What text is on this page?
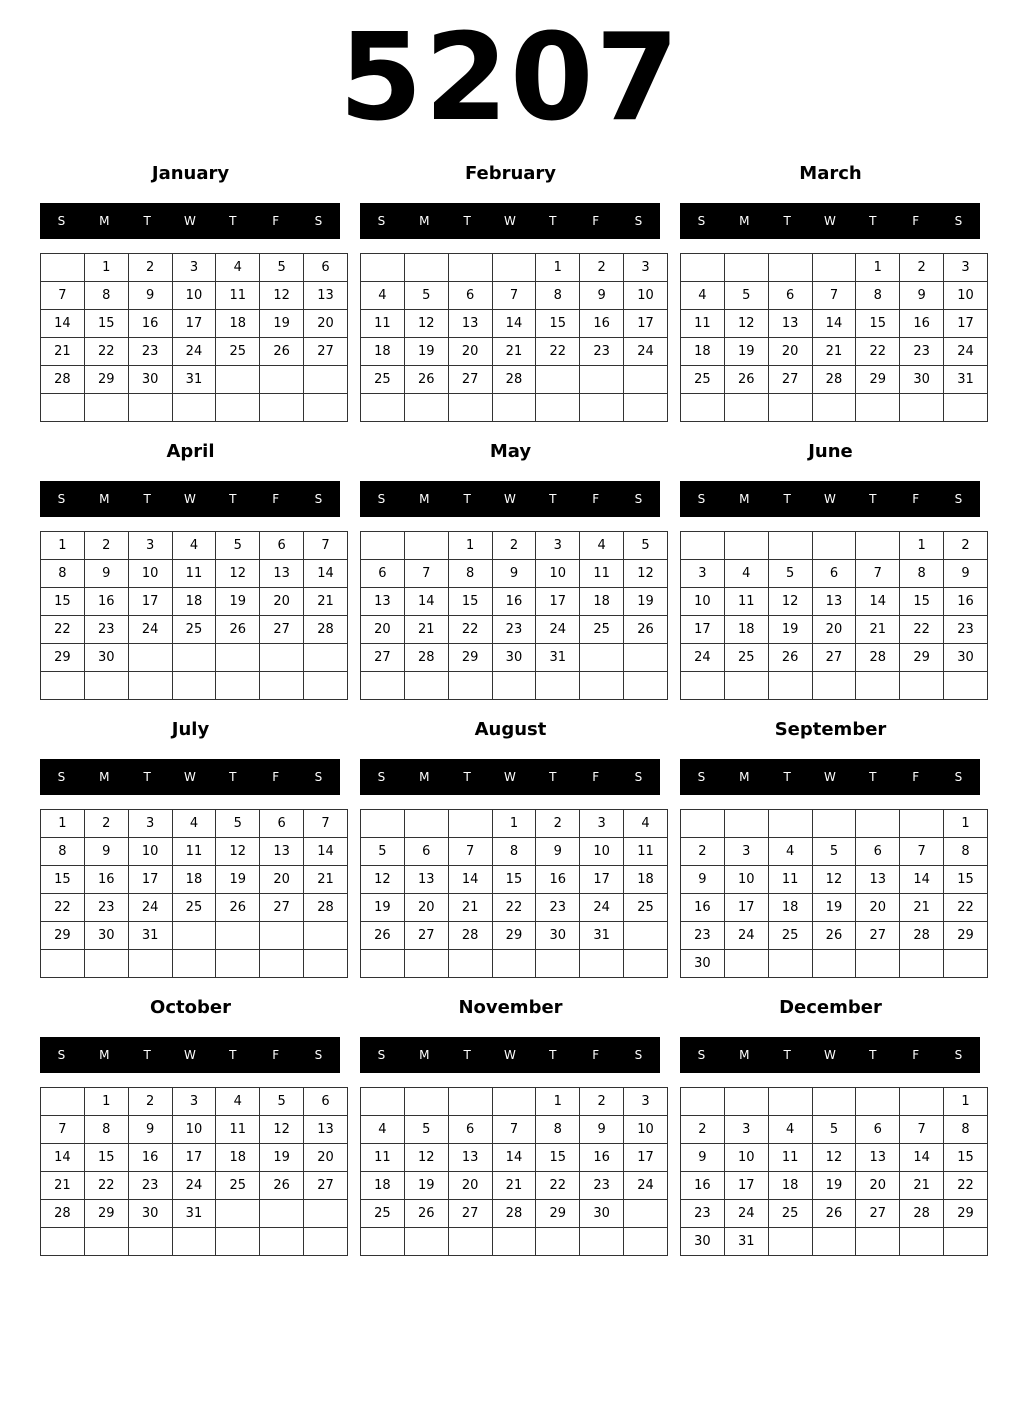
5207
January
S	M	T	W	T	F	S
	1	2	3	4	5	6
7	8	9	10	11	12	13
14	15	16	17	18	19	20
21	22	23	24	25	26	27
28	29	30	31			

February
S	M	T	W	T	F	S
				1	2	3
4	5	6	7	8	9	10
11	12	13	14	15	16	17
18	19	20	21	22	23	24
25	26	27	28			

March
S	M	T	W	T	F	S
				1	2	3
4	5	6	7	8	9	10
11	12	13	14	15	16	17
18	19	20	21	22	23	24
25	26	27	28	29	30	31

April
S	M	T	W	T	F	S
1	2	3	4	5	6	7
8	9	10	11	12	13	14
15	16	17	18	19	20	21
22	23	24	25	26	27	28
29	30					

May
S	M	T	W	T	F	S
		1	2	3	4	5
6	7	8	9	10	11	12
13	14	15	16	17	18	19
20	21	22	23	24	25	26
27	28	29	30	31		

June
S	M	T	W	T	F	S
					1	2
3	4	5	6	7	8	9
10	11	12	13	14	15	16
17	18	19	20	21	22	23
24	25	26	27	28	29	30

July
S	M	T	W	T	F	S
1	2	3	4	5	6	7
8	9	10	11	12	13	14
15	16	17	18	19	20	21
22	23	24	25	26	27	28
29	30	31				

August
S	M	T	W	T	F	S
			1	2	3	4
5	6	7	8	9	10	11
12	13	14	15	16	17	18
19	20	21	22	23	24	25
26	27	28	29	30	31	

September
S	M	T	W	T	F	S
						1
2	3	4	5	6	7	8
9	10	11	12	13	14	15
16	17	18	19	20	21	22
23	24	25	26	27	28	29
30						
October
S	M	T	W	T	F	S
	1	2	3	4	5	6
7	8	9	10	11	12	13
14	15	16	17	18	19	20
21	22	23	24	25	26	27
28	29	30	31			

November
S	M	T	W	T	F	S
				1	2	3
4	5	6	7	8	9	10
11	12	13	14	15	16	17
18	19	20	21	22	23	24
25	26	27	28	29	30	

December
S	M	T	W	T	F	S
						1
2	3	4	5	6	7	8
9	10	11	12	13	14	15
16	17	18	19	20	21	22
23	24	25	26	27	28	29
30	31					
